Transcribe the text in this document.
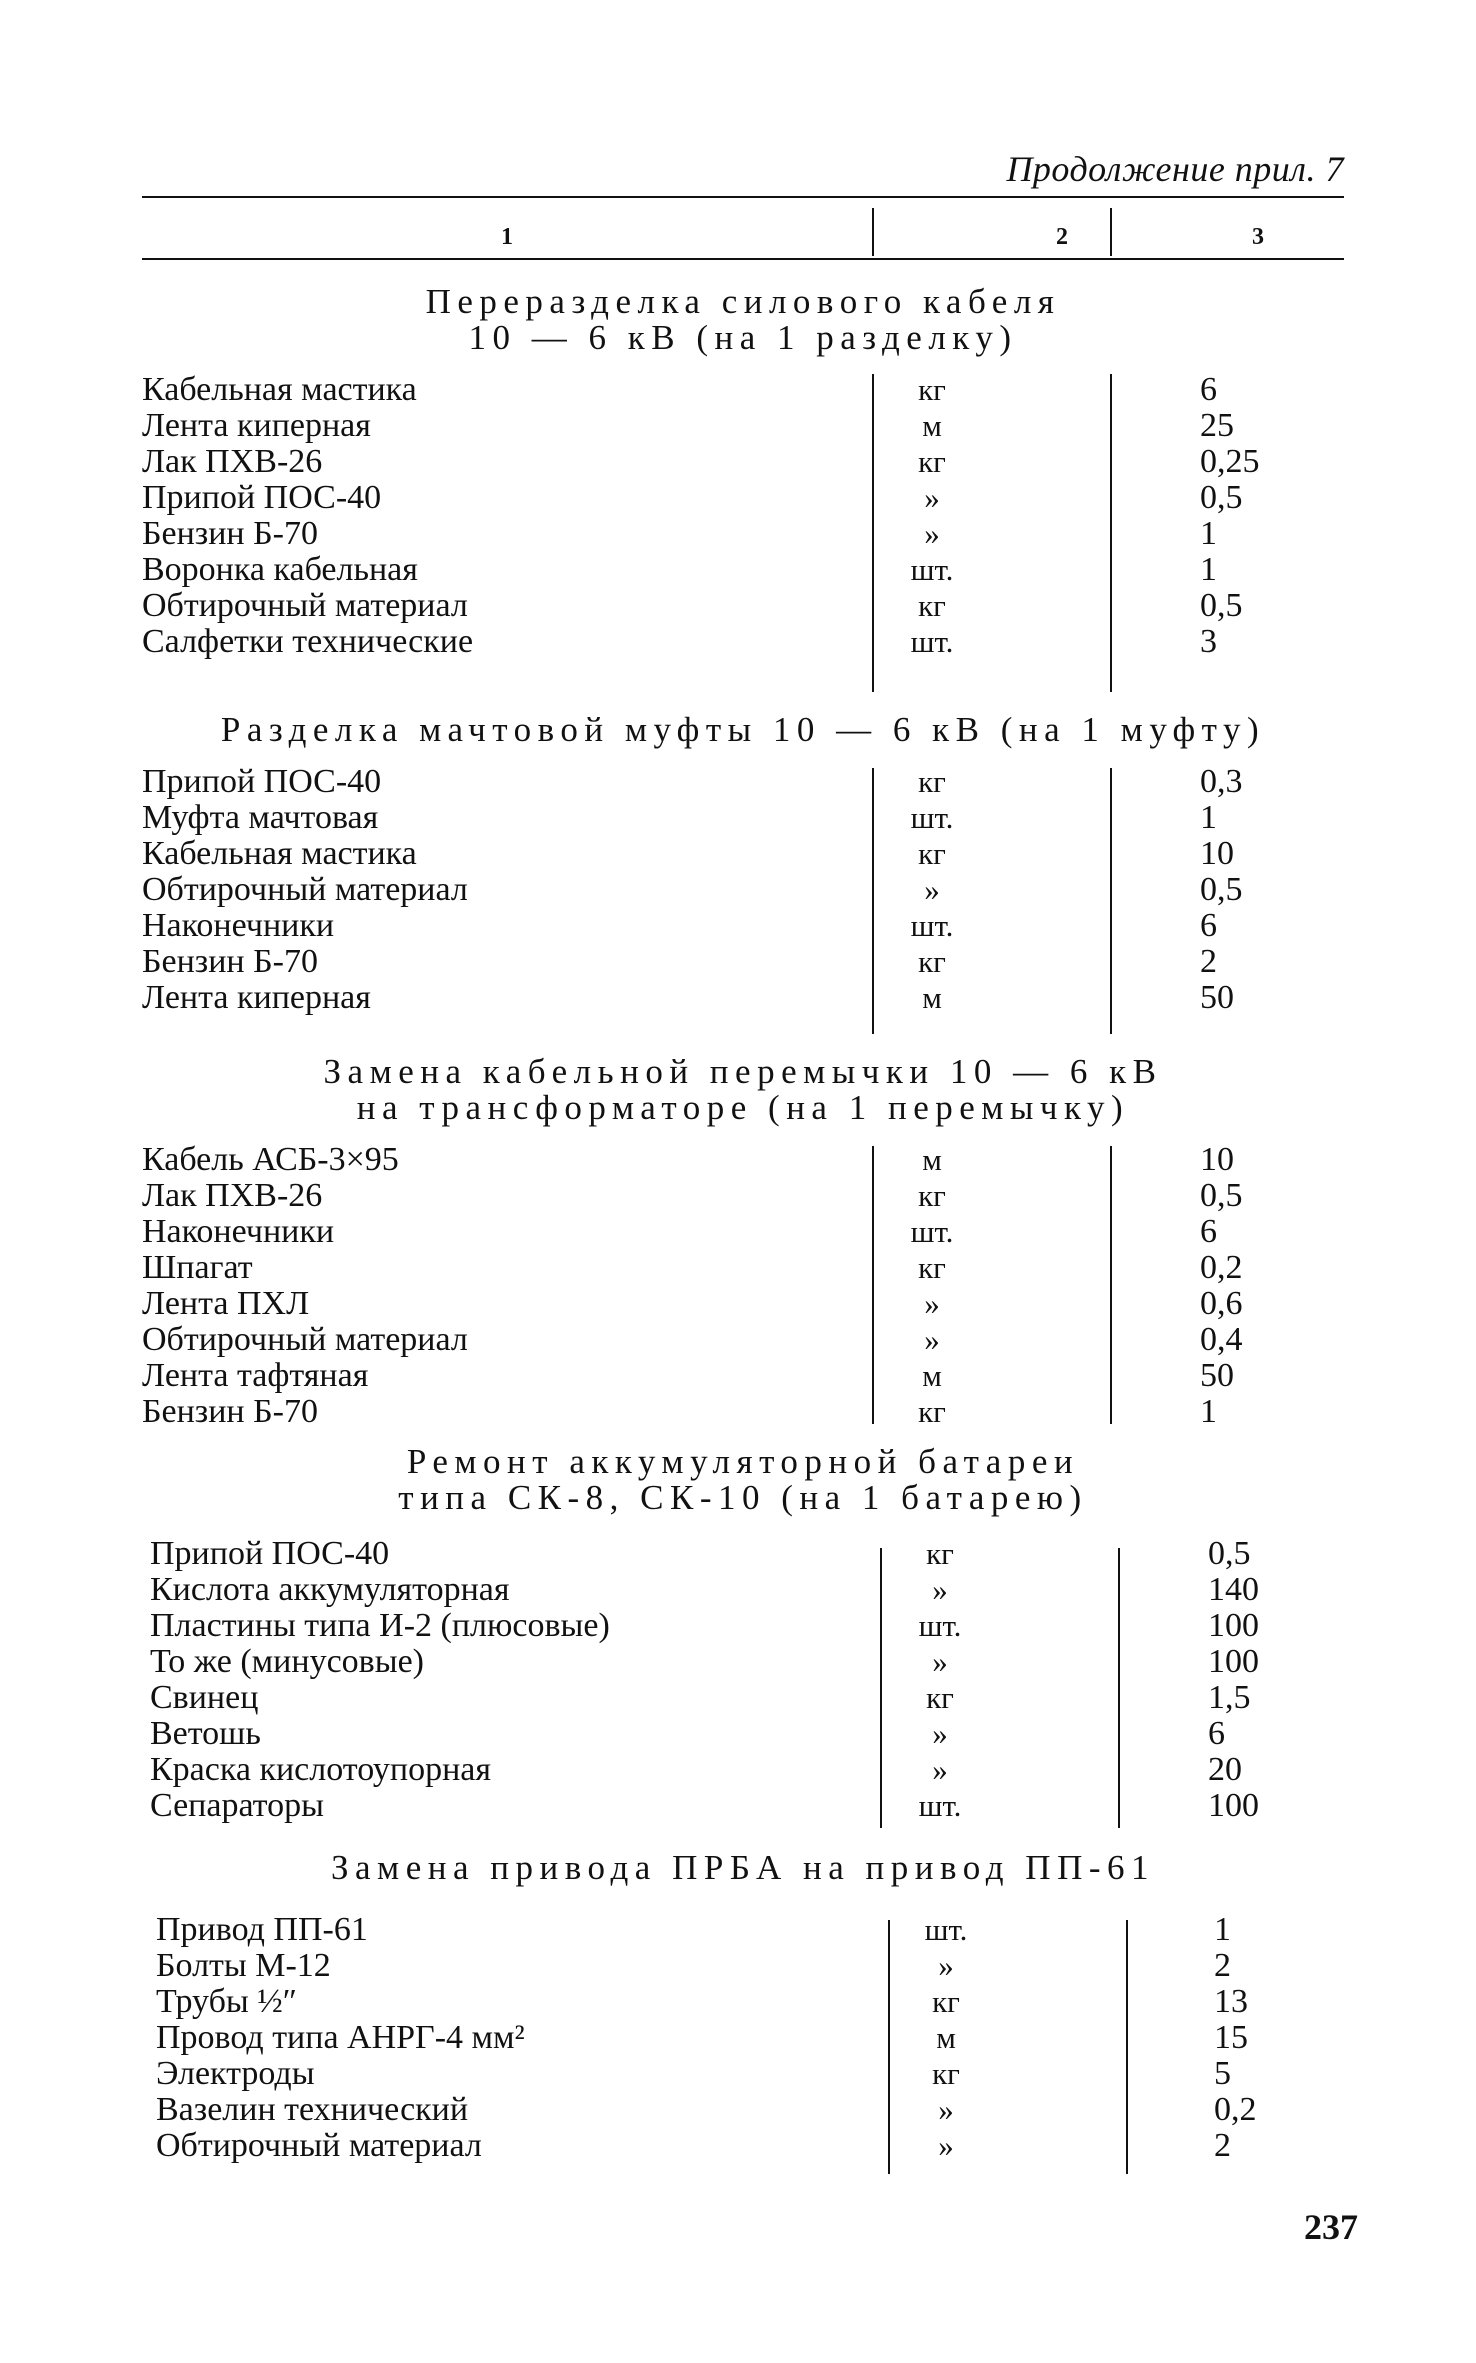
Продолжение прил. 7
1	2	3
Переразделка силового кабеля
10 — 6 кВ (на 1 разделку)
Кабельная мастика	кг	6
Лента киперная	м	25
Лак ПХВ-26	кг	0,25
Припой ПОС-40	»	0,5
Бензин Б-70	»	1
Воронка кабельная	шт.	1
Обтирочный материал	кг	0,5
Салфетки технические	шт.	3
Разделка мачтовой муфты 10 — 6 кВ (на 1 муфту)
Припой ПОС-40	кг	0,3
Муфта мачтовая	шт.	1
Кабельная мастика	кг	10
Обтирочный материал	»	0,5
Наконечники	шт.	6
Бензин Б-70	кг	2
Лента киперная	м	50
Замена кабельной перемычки 10 — 6 кВ
на трансформаторе (на 1 перемычку)
Кабель АСБ-3×95	м	10
Лак ПХВ-26	кг	0,5
Наконечники	шт.	6
Шпагат	кг	0,2
Лента ПХЛ	»	0,6
Обтирочный материал	»	0,4
Лента тафтяная	м	50
Бензин Б-70	кг	1
Ремонт аккумуляторной батареи
типа СК-8, СК-10 (на 1 батарею)
Припой ПОС-40	кг	0,5
Кислота аккумуляторная	»	140
Пластины типа И-2 (плюсовые)	шт.	100
То же (минусовые)	»	100
Свинец	кг	1,5
Ветошь	»	6
Краска кислотоупорная	»	20
Сепараторы	шт.	100
Замена привода ПРБА на привод ПП-61
Привод ПП-61	шт.	1
Болты М-12	»	2
Трубы ½″	кг	13
Провод типа АНРГ-4 мм²	м	15
Электроды	кг	5
Вазелин технический	»	0,2
Обтирочный материал	»	2
237
